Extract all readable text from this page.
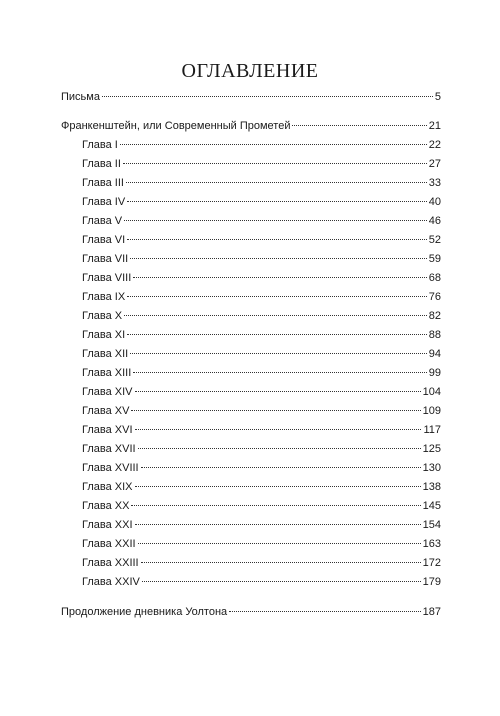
ОГЛАВЛЕНИЕ
Письма	5
Франкенштейн, или Современный Прометей	21
Глава I	22
Глава II	27
Глава III	33
Глава IV	40
Глава V	46
Глава VI	52
Глава VII	59
Глава VIII	68
Глава IX	76
Глава X	82
Глава XI	88
Глава XII	94
Глава XIII	99
Глава XIV	104
Глава XV	109
Глава XVI	117
Глава XVII	125
Глава XVIII	130
Глава XIX	138
Глава XX	145
Глава XXI	154
Глава XXII	163
Глава XXIII	172
Глава XXIV	179
Продолжение дневника Уолтона	187
